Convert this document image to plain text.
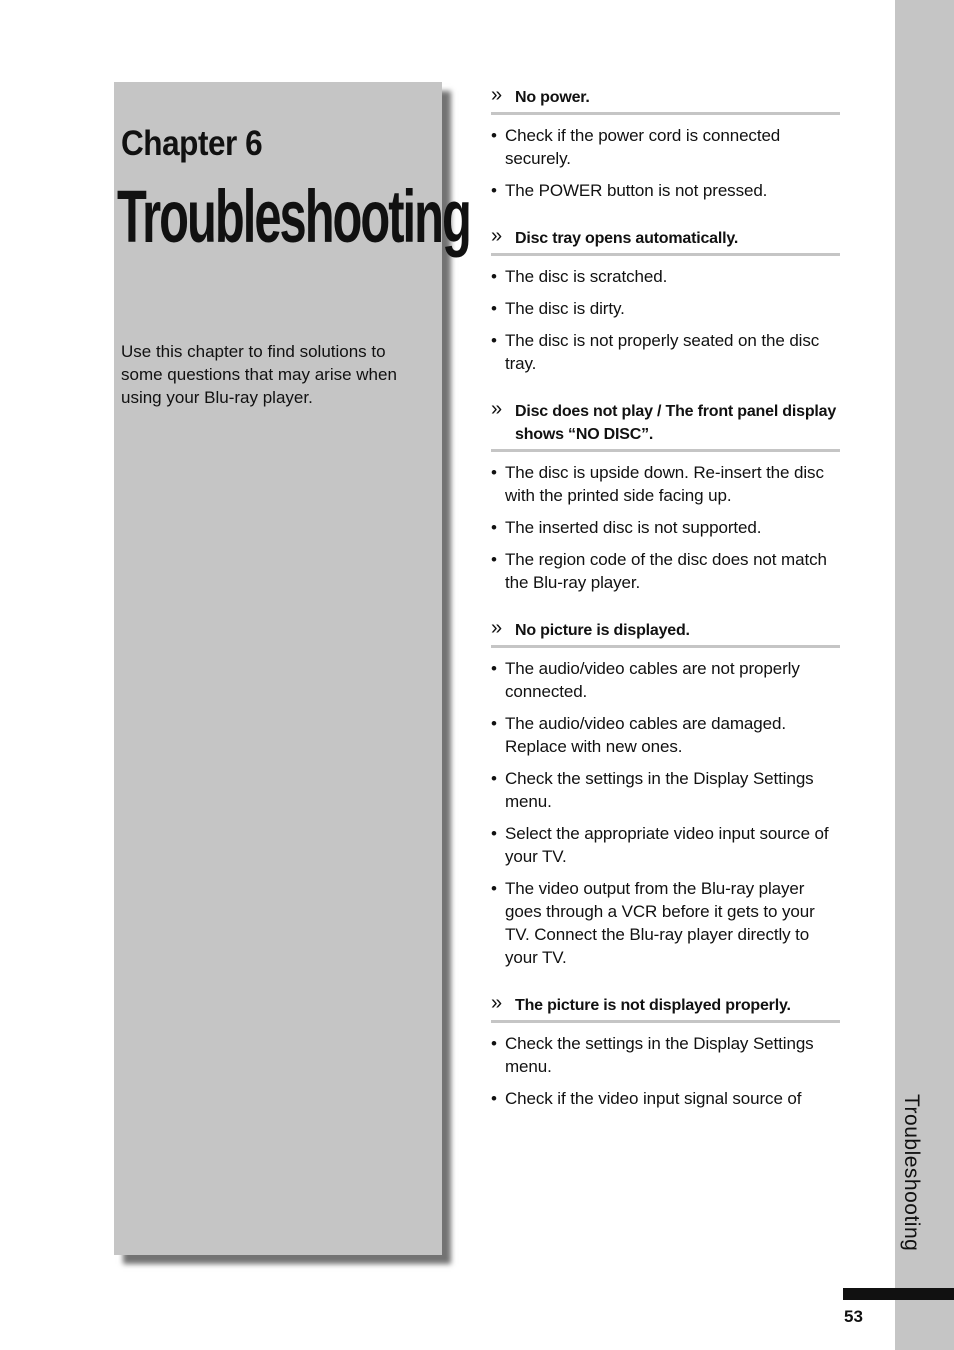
Chapter 6
Troubleshooting
Use this chapter to find solutions to some questions that may arise when using your Blu-ray player.
» No power.
• Check if the power cord is connected securely.
• The POWER button is not pressed.
» Disc tray opens automatically.
• The disc is scratched.
• The disc is dirty.
• The disc is not properly seated on the disc tray.
» Disc does not play / The front panel display shows “NO DISC”.
• The disc is upside down. Re-insert the disc with the printed side facing up.
• The inserted disc is not supported.
• The region code of the disc does not match the Blu-ray player.
» No picture is displayed.
• The audio/video cables are not properly connected.
• The audio/video cables are damaged. Replace with new ones.
• Check the settings in the Display Settings menu.
• Select the appropriate video input source of your TV.
• The video output from the Blu-ray player goes through a VCR before it gets to your TV. Connect the Blu-ray player directly to your TV.
» The picture is not displayed properly.
• Check the settings in the Display Settings menu.
• Check if the video input signal source of	Troubleshooting
53
